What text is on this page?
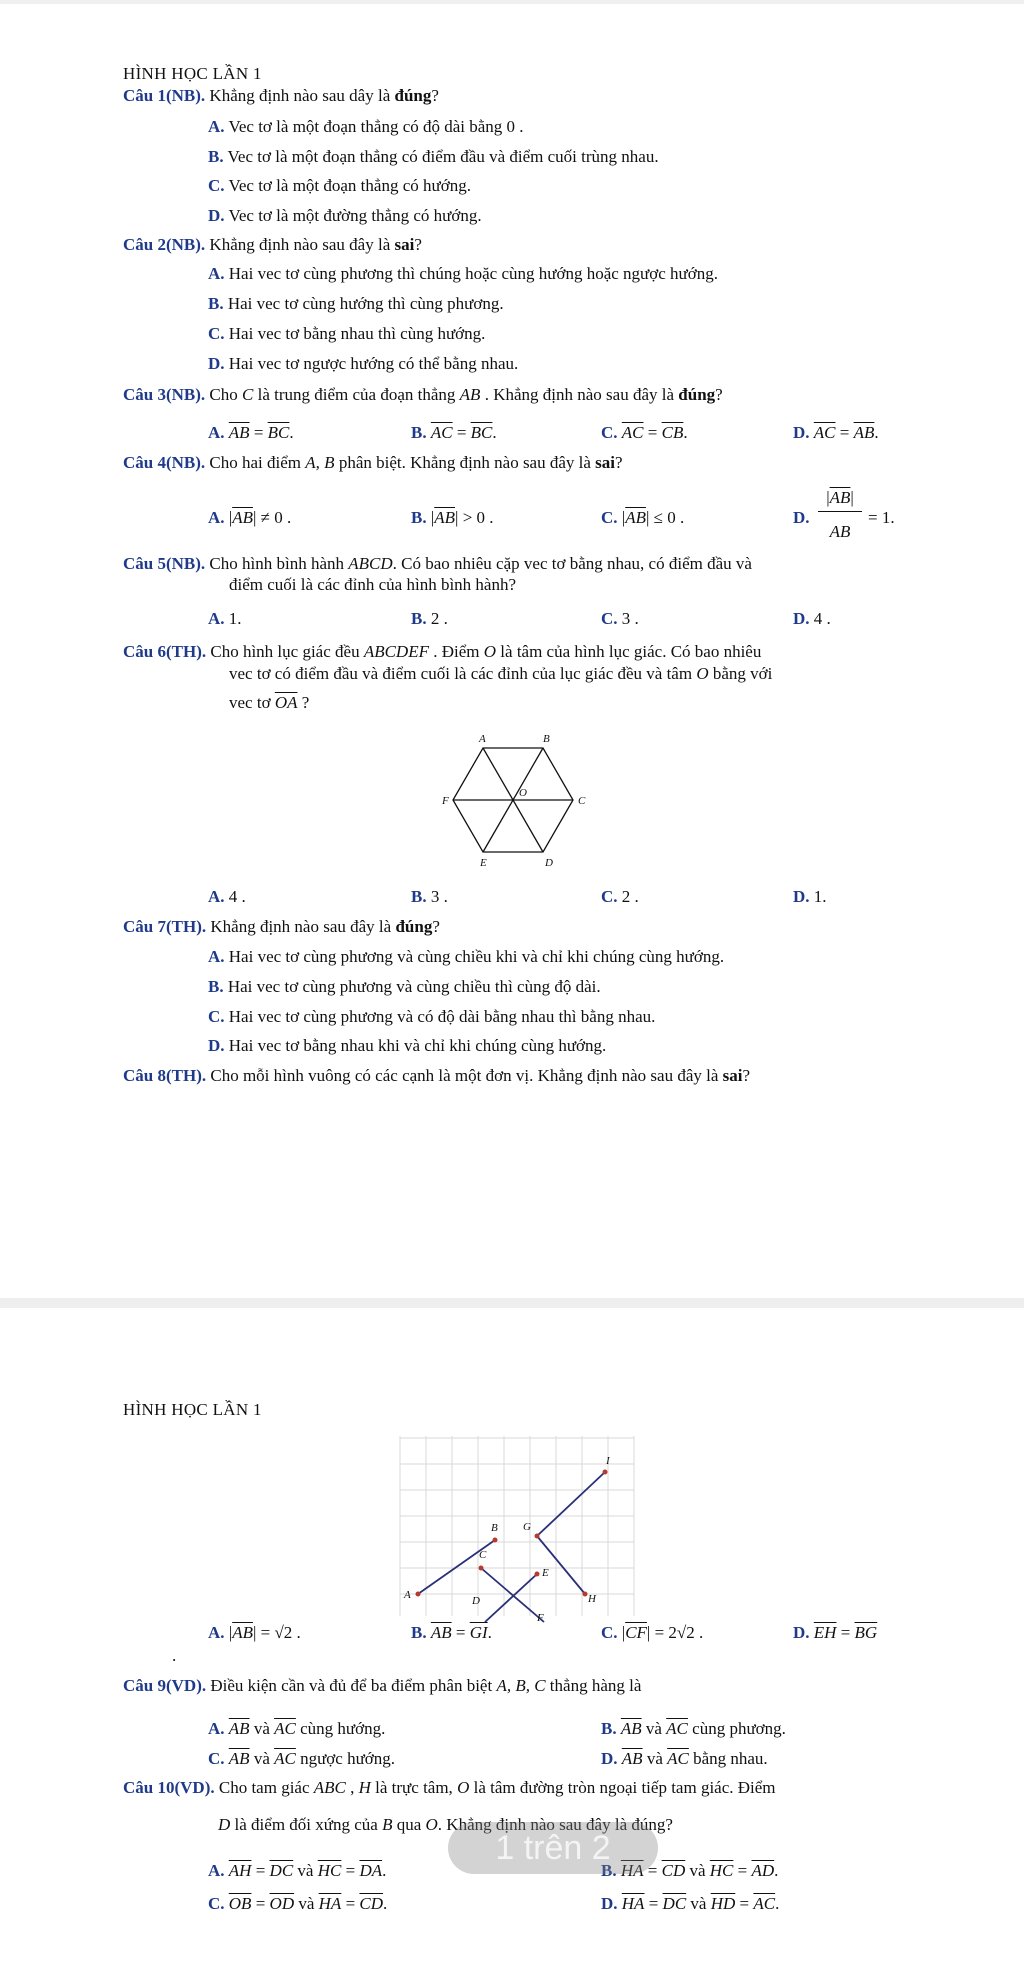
HÌNH HỌC LẦN 1
Câu 1(NB). Khẳng định nào sau dây là đúng?
A. Vec tơ là một đoạn thẳng có độ dài bằng 0 .
B. Vec tơ là một đoạn thẳng có điểm đầu và điểm cuối trùng nhau.
C. Vec tơ là một đoạn thẳng có hướng.
D. Vec tơ là một đường thẳng có hướng.
Câu 2(NB). Khẳng định nào sau đây là sai?
A. Hai vec tơ cùng phương thì chúng hoặc cùng hướng hoặc ngược hướng.
B. Hai vec tơ cùng hướng thì cùng phương.
C. Hai vec tơ bằng nhau thì cùng hướng.
D. Hai vec tơ ngược hướng có thể bằng nhau.
Câu 3(NB). Cho C là trung điểm của đoạn thẳng AB . Khẳng định nào sau đây là đúng?
A. $\overline{AB} = \overline{BC}$.	B. $\overline{AC} = \overline{BC}$.	C. $\overline{AC} = \overline{CB}$.	D. $\overline{AC} = \overline{AB}$.
Câu 4(NB). Cho hai điểm A, B phân biệt. Khẳng định nào sau đây là sai?
A. $|\overline{AB}| \ne 0$ .	B. $|\overline{AB}| > 0$ .	C. $|\overline{AB}| \le 0$ .	D.
$|\overline{AB}|$
AB
= 1.
Câu 5(NB). Cho hình bình hành ABCD. Có bao nhiêu cặp vec tơ bằng nhau, có điểm đầu và
điểm cuối là các đỉnh của hình bình hành?
A. 1.	B. 2 .	C. 3 .	D. 4 .
Câu 6(TH). Cho hình lục giác đều ABCDEF . Điểm O là tâm của hình lục giác. Có bao nhiêu
vec tơ có điểm đầu và điểm cuối là các đỉnh của lục giác đều và tâm O bằng với
vec tơ $\overline{OA}$ ?
A	B
C
D
E
F
O
A. 4 .	B. 3 .	C. 2 .	D. 1.
Câu 7(TH). Khẳng định nào sau đây là đúng?
A. Hai vec tơ cùng phương và cùng chiều khi và chỉ khi chúng cùng hướng.
B. Hai vec tơ cùng phương và cùng chiều thì cùng độ dài.
C. Hai vec tơ cùng phương và có độ dài bằng nhau thì bằng nhau.
D. Hai vec tơ bằng nhau khi và chỉ khi chúng cùng hướng.
Câu 8(TH). Cho mỗi hình vuông có các cạnh là một đơn vị. Khẳng định nào sau đây là sai?
HÌNH HỌC LẦN 1
A
B
C
D
E
F
G
H
I
A. $|\overline{AB}| = √2$ .	B. $\overline{AB} = \overline{GI}$.	C. $|\overline{CF}| = 2√2$ .	D. $\overline{EH} = \overline{BG}$
.
Câu 9(VD). Điều kiện cần và đủ để ba điểm phân biệt A, B, C thẳng hàng là
A. $\overline{AB}$ và $\overline{AC}$ cùng hướng.	B. $\overline{AB}$ và $\overline{AC}$ cùng phương.
C. $\overline{AB}$ và $\overline{AC}$ ngược hướng.	D. $\overline{AB}$ và $\overline{AC}$ bằng nhau.
Câu 10(VD). Cho tam giác ABC , H là trực tâm, O là tâm đường tròn ngoại tiếp tam giác. Điểm
D là điểm đối xứng của B qua O. Khẳng định nào sau đây là đúng?
A. $\overline{AH} = \overline{DC}$ và $\overline{HC} = \overline{DA}$.	B. $\overline{HA} = \overline{CD}$ và $\overline{HC} = \overline{AD}$.
C. $\overline{OB} = \overline{OD}$ và $\overline{HA} = \overline{CD}$.	D. $\overline{HA} = \overline{DC}$ và $\overline{HD} = \overline{AC}$.
1 trên 2
